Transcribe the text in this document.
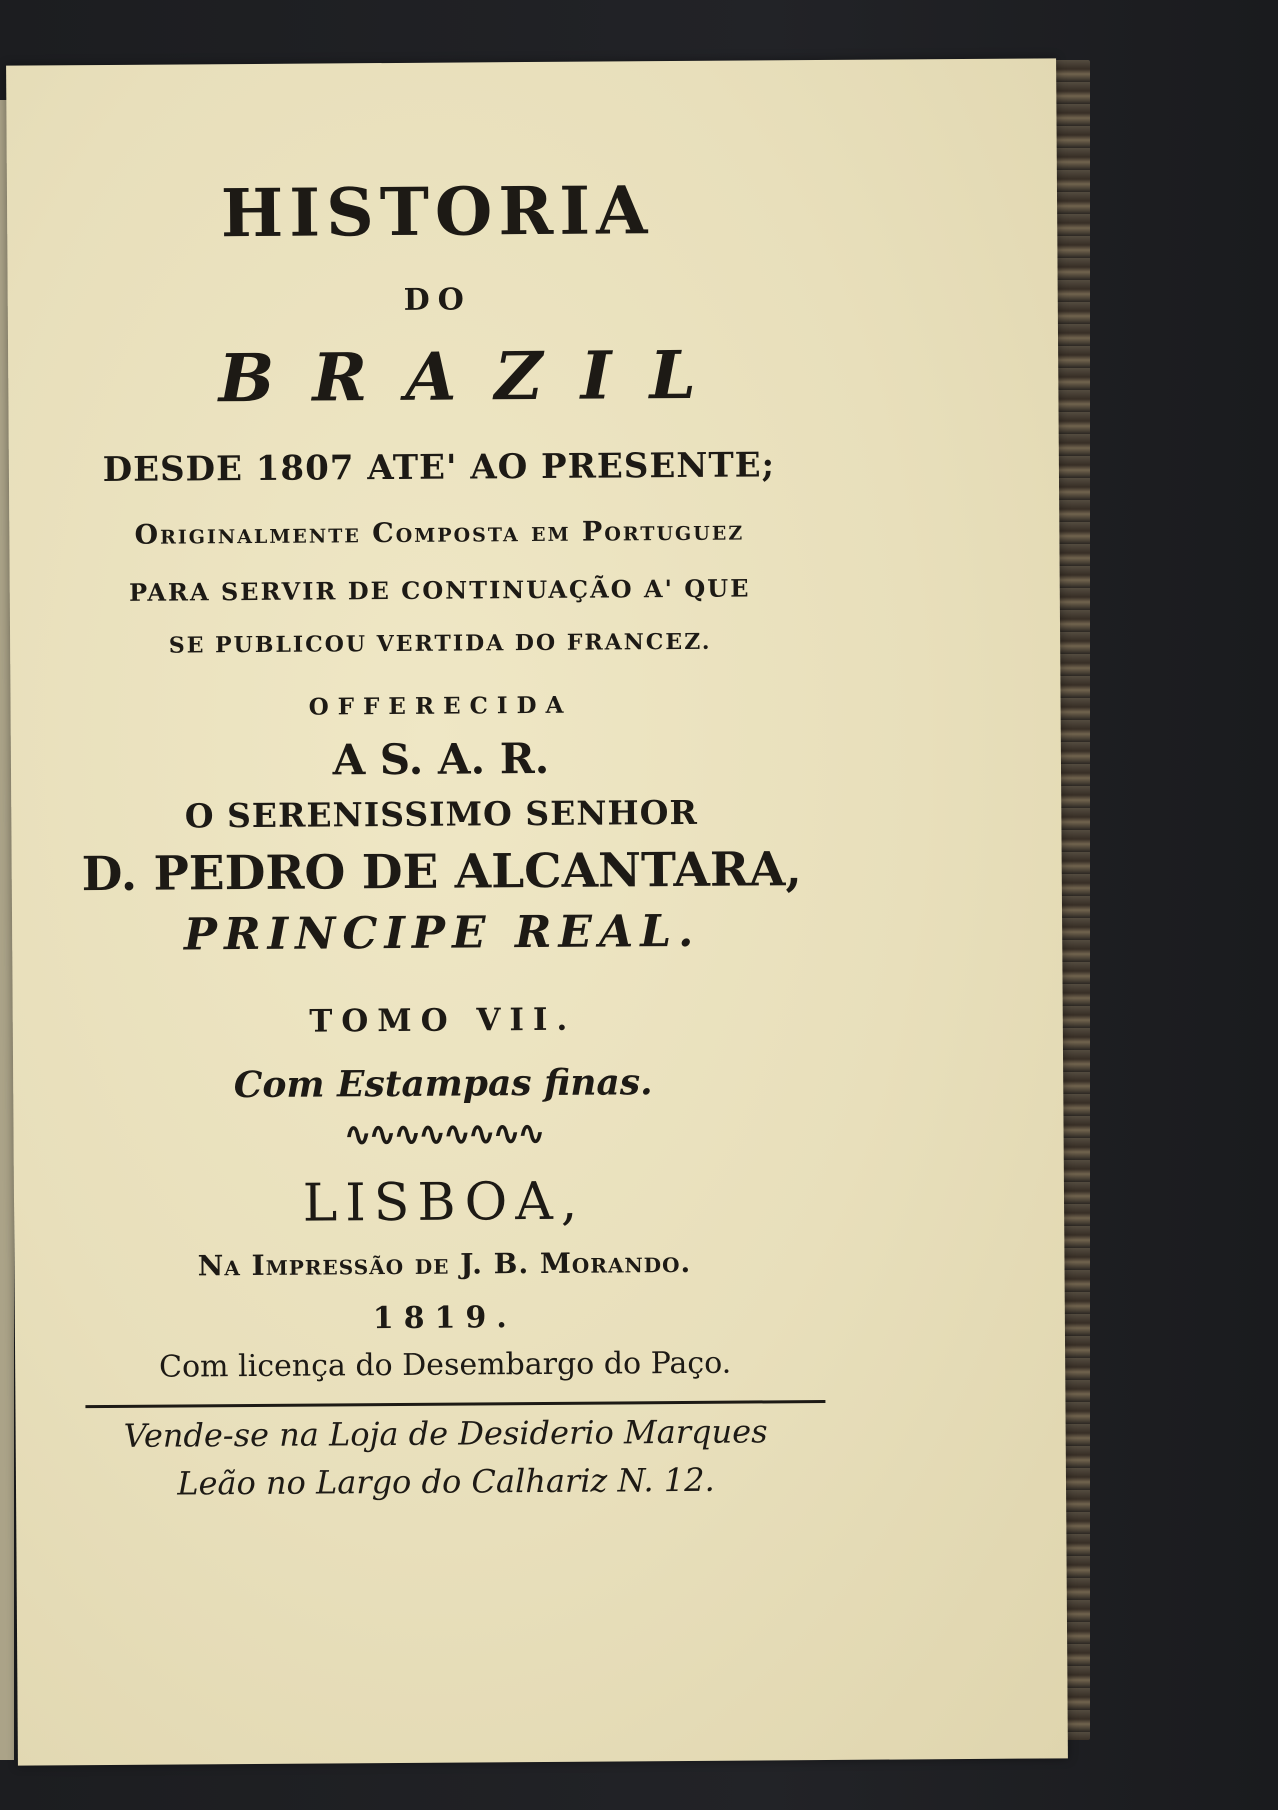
HISTORIA
DO
BRAZIL
DESDE 1807 ATE' AO PRESENTE;
Originalmente Composta em Portuguez
PARA SERVIR DE CONTINUAÇÃO A' QUE
SE PUBLICOU VERTIDA DO FRANCEZ.
OFFERECIDA
A S. A. R.
O SERENISSIMO SENHOR
D. PEDRO DE ALCANTARA,
PRINCIPE REAL.
TOMO VII.
Com Estampas finas.
∿∿∿∿∿∿∿∿
LISBOA,
Na Impressão de J. B. Morando.
1819.
Com licença do Desembargo do Paço.
Vende-se na Loja de Desiderio Marques
Leão no Largo do Calhariz N. 12.
